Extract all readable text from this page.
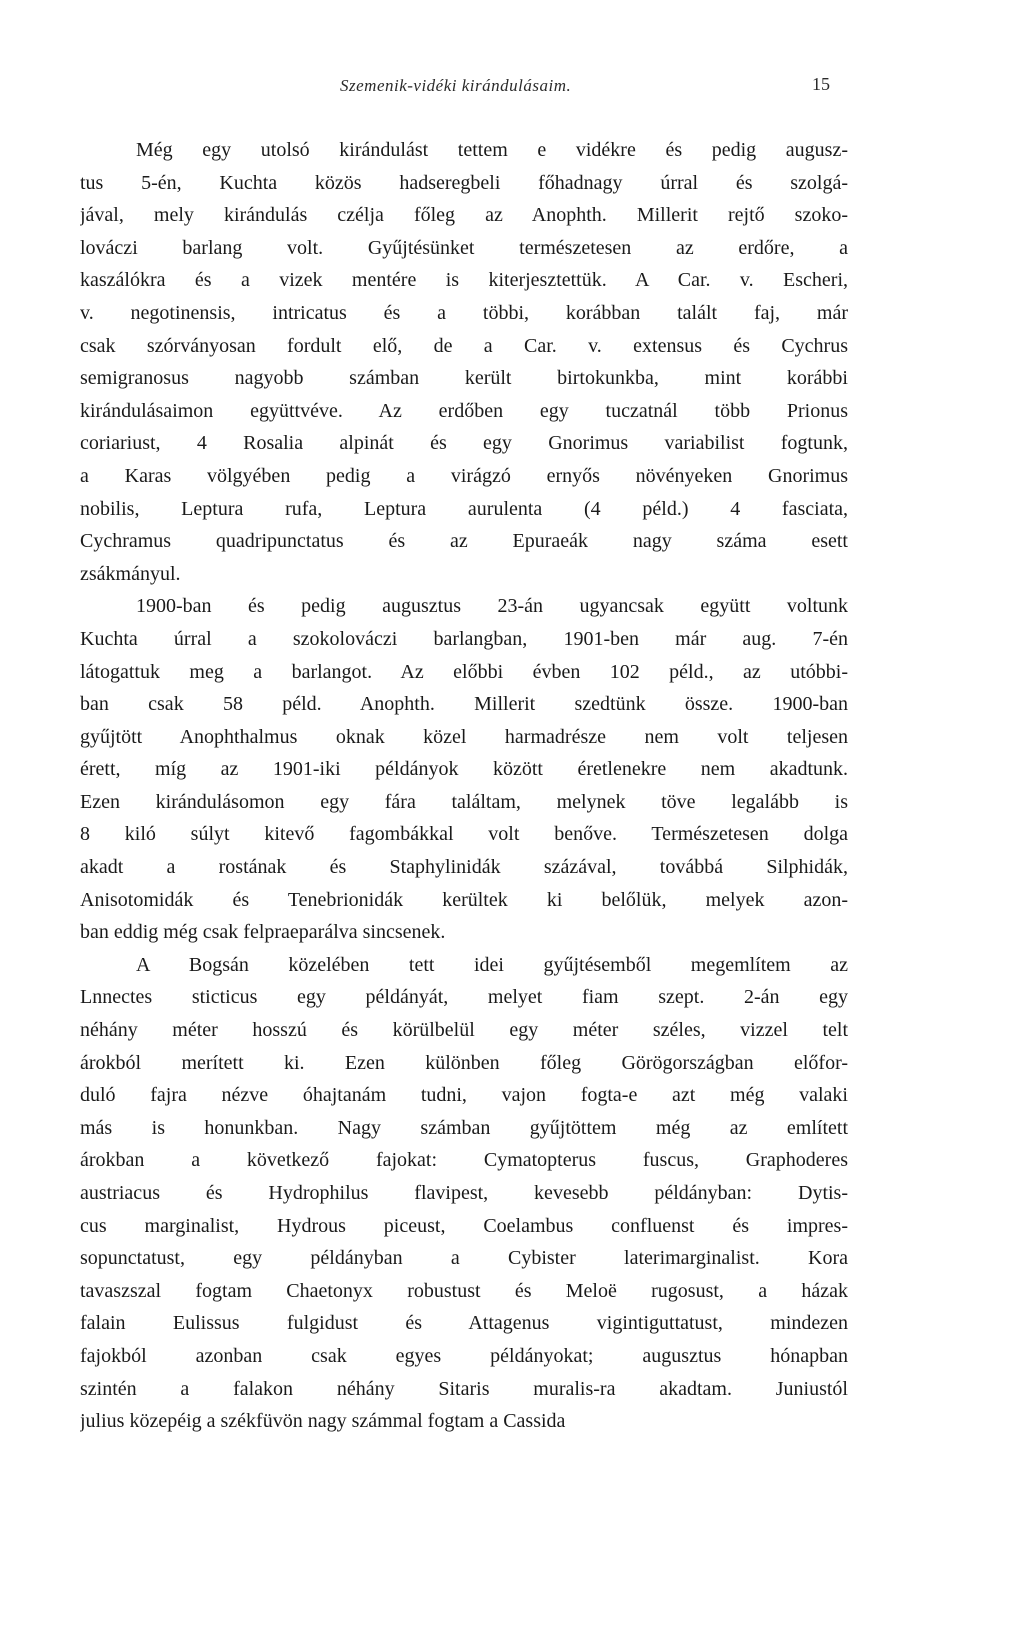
Szemenik-vidéki kirándulásaim.	15
Még egy utolsó kirándulást tettem e vidékre és pedig augusz-
tus 5-én, Kuchta közös hadseregbeli főhadnagy úrral és szolgá-
jával, mely kirándulás czélja főleg az Anophth. Millerit rejtő szoko-
lováczi barlang volt. Gyűjtésünket természetesen az erdőre, a
kaszálókra és a vizek mentére is kiterjesztettük. A Car. v. Escheri,
v. negotinensis, intricatus és a többi, korábban talált faj, már
csak szórványosan fordult elő, de a Car. v. extensus és Cychrus
semigranosus nagyobb számban került birtokunkba, mint korábbi
kirándulásaimon együttvéve. Az erdőben egy tuczatnál több Prionus
coriariust, 4 Rosalia alpinát és egy Gnorimus variabilist fogtunk,
a Karas völgyében pedig a virágzó ernyős növényeken Gnorimus
nobilis, Leptura rufa, Leptura aurulenta (4 péld.) 4 fasciata,
Cychramus quadripunctatus és az Epuraeák nagy száma esett
zsákmányul.
1900-ban és pedig augusztus 23-án ugyancsak együtt voltunk
Kuchta úrral a szokolováczi barlangban, 1901-ben már aug. 7-én
látogattuk meg a barlangot. Az előbbi évben 102 péld., az utóbbi-
ban csak 58 péld. Anophth. Millerit szedtünk össze. 1900-ban
gyűjtött Anophthalmus oknak közel harmadrésze nem volt teljesen
érett, míg az 1901-iki példányok között éretlenekre nem akadtunk.
Ezen kirándulásomon egy fára találtam, melynek töve legalább is
8 kiló súlyt kitevő fagombákkal volt benőve. Természetesen dolga
akadt a rostának és Staphylinidák százával, továbbá Silphidák,
Anisotomidák és Tenebrionidák kerültek ki belőlük, melyek azon-
ban eddig még csak felpraeparálva sincsenek.
A Bogsán közelében tett idei gyűjtésemből megemlítem az
Lnnectes sticticus egy példányát, melyet fiam szept. 2-án egy
néhány méter hosszú és körülbelül egy méter széles, vizzel telt
árokból merített ki. Ezen különben főleg Görögországban előfor-
duló fajra nézve óhajtanám tudni, vajon fogta-e azt még valaki
más is honunkban. Nagy számban gyűjtöttem még az említett
árokban a következő fajokat: Cymatopterus fuscus, Graphoderes
austriacus és Hydrophilus flavipest, kevesebb példányban: Dytis-
cus marginalist, Hydrous piceust, Coelambus confluenst és impres-
sopunctatust, egy példányban a Cybister laterimarginalist. Kora
tavaszszal fogtam Chaetonyx robustust és Meloë rugosust, a házak
falain Eulissus fulgidust és Attagenus vigintiguttatust, mindezen
fajokból azonban csak egyes példányokat; augusztus hónapban
szintén a falakon néhány Sitaris muralis-ra akadtam. Juniustól
julius közepéig a székfüvön nagy számmal fogtam a Cassida
